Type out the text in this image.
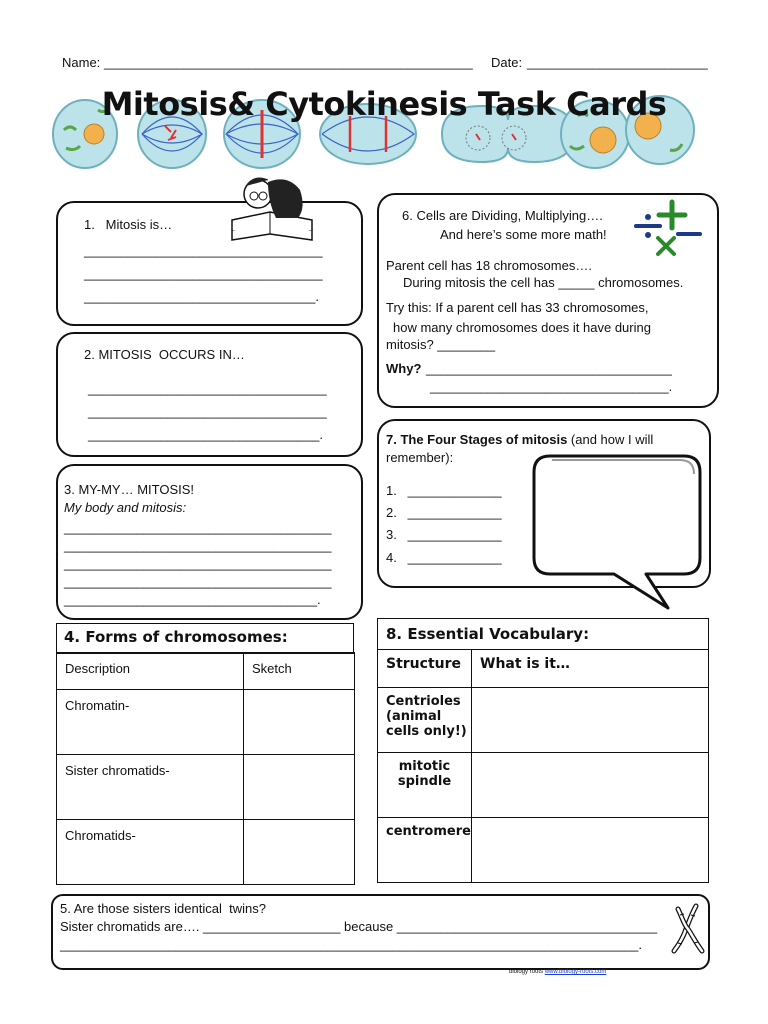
Name: ___________________________________________________ Date: _________________________
Mitosis& Cytokinesis Task Cards
1.   Mitosis is…
_________________________________
_________________________________
________________________________.
2. MITOSIS  OCCURS IN…
_________________________________
_________________________________
________________________________.
3. MY-MY… MITOSIS!
My body and mitosis:
_____________________________________
_____________________________________
_____________________________________
_____________________________________
___________________________________.
6. Cells are Dividing, Multiplying….
And here’s some more math!
Parent cell has 18 chromosomes….
During mitosis the cell has _____ chromosomes.
Try this: If a parent cell has 33 chromosomes,
how many chromosomes does it have during
mitosis? ________
Why? __________________________________
_________________________________.
7. The Four Stages of mitosis (and how I will
remember):
1.   _____________
2.   _____________
3.   _____________
4.   _____________
4. Forms of chromosomes:
Description	Sketch

Chromatin-	

Sister chromatids-	

Chromatids-	

8. Essential Vocabulary:	

Structure	What is it…

Centrioles
(animal
cells only!)	

mitotic
spindle	

centromere	

5. Are those sisters identical  twins?
Sister chromatids are…. ___________________ because ____________________________________
________________________________________________________________________________.
biology roots www.biology-roots.com
